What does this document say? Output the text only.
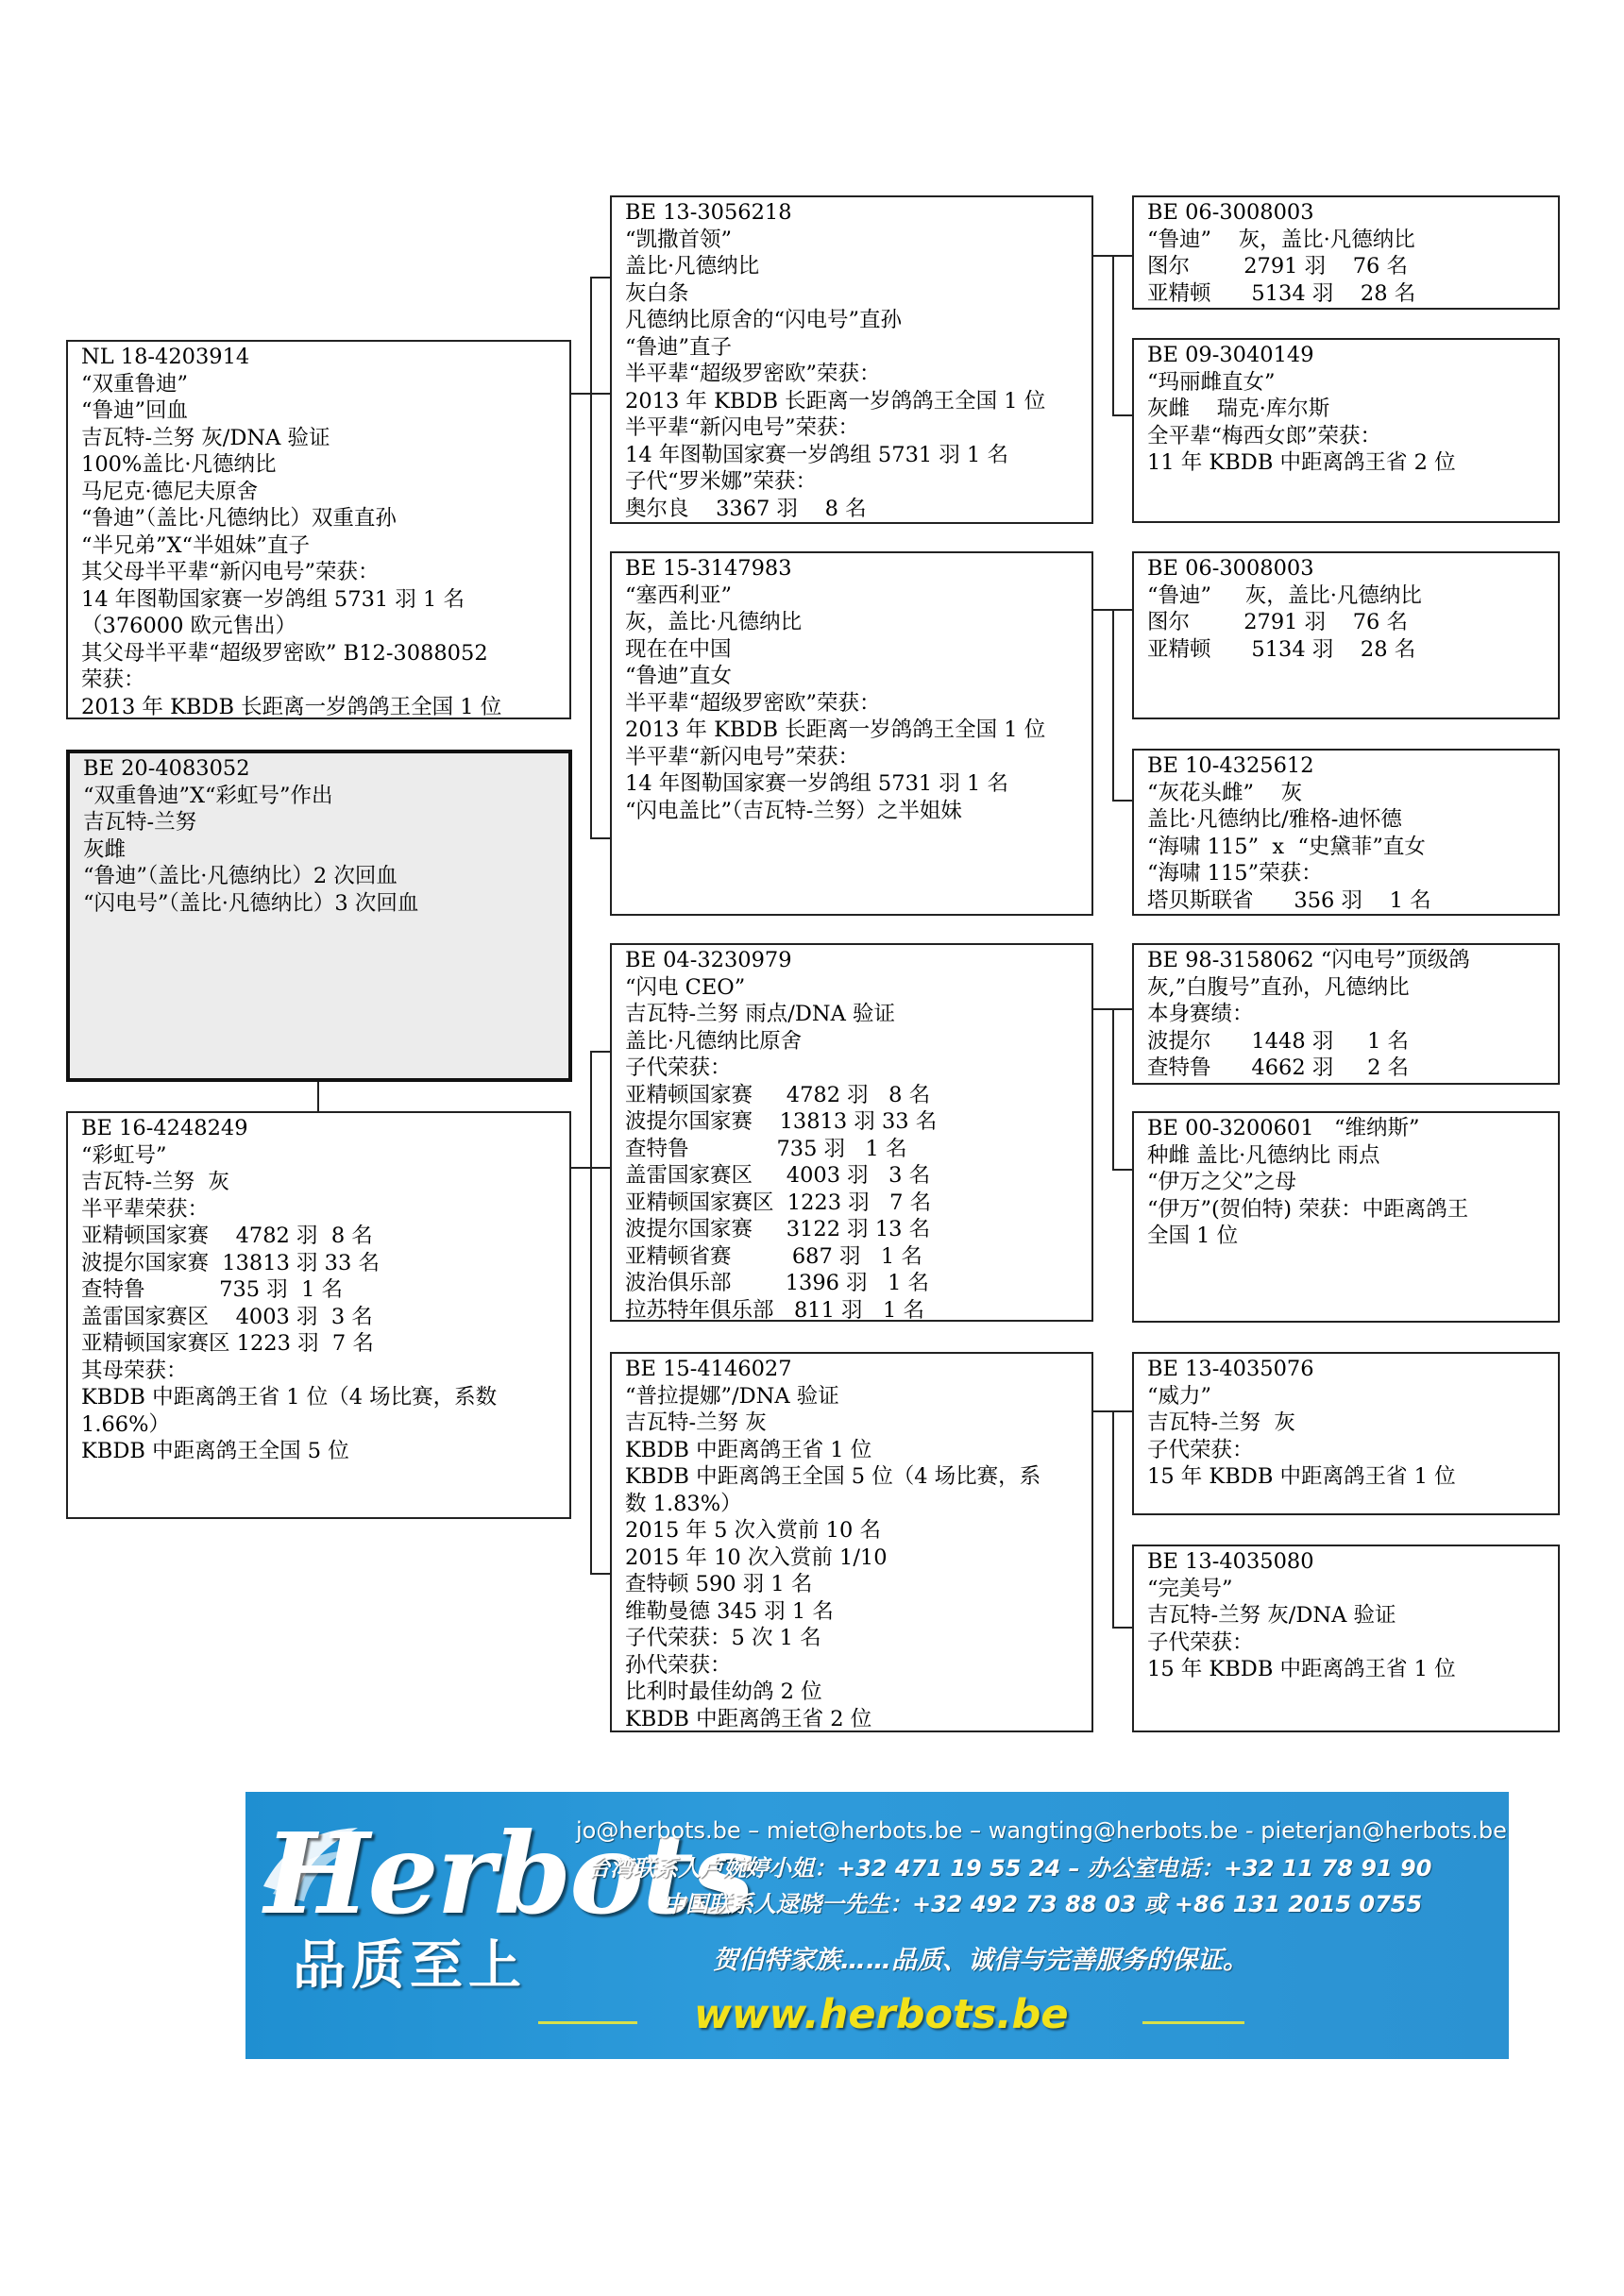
NL 18-4203914
“双重鲁迪”
“鲁迪”回血
吉瓦特-兰努 灰/DNA 验证
100%盖比·凡德纳比
马尼克·德尼夫原舍
“鲁迪”（盖比·凡德纳比）双重直孙
“半兄弟”X“半姐妹”直子
其父母半平辈“新闪电号”荣获：
14 年图勒国家赛一岁鸽组 5731 羽 1 名
（376000 欧元售出）
其父母半平辈“超级罗密欧” B12-3088052
荣获：
2013 年 KBDB 长距离一岁鸽鸽王全国 1 位
BE 20-4083052
“双重鲁迪”X“彩虹号”作出
吉瓦特-兰努
灰雌
“鲁迪”（盖比·凡德纳比）2 次回血
“闪电号”（盖比·凡德纳比）3 次回血
BE 16-4248249
“彩虹号”
吉瓦特-兰努  灰
半平辈荣获：
亚精顿国家赛    4782 羽  8 名
波提尔国家赛  13813 羽 33 名
查特鲁           735 羽  1 名
盖雷国家赛区    4003 羽  3 名
亚精顿国家赛区 1223 羽  7 名
其母荣获：
KBDB 中距离鸽王省 1 位（4 场比赛，系数
1.66%）
KBDB 中距离鸽王全国 5 位
BE 13-3056218
“凯撒首领”
盖比·凡德纳比
灰白条
凡德纳比原舍的“闪电号”直孙
“鲁迪”直子
半平辈“超级罗密欧”荣获：
2013 年 KBDB 长距离一岁鸽鸽王全国 1 位
半平辈“新闪电号”荣获：
14 年图勒国家赛一岁鸽组 5731 羽 1 名
子代“罗米娜”荣获：
奥尔良    3367 羽    8 名
BE 15-3147983
“塞西利亚”
灰，盖比·凡德纳比
现在在中国
“鲁迪”直女
半平辈“超级罗密欧”荣获：
2013 年 KBDB 长距离一岁鸽鸽王全国 1 位
半平辈“新闪电号”荣获：
14 年图勒国家赛一岁鸽组 5731 羽 1 名
“闪电盖比”（吉瓦特-兰努）之半姐妹
BE 04-3230979
“闪电 CEO”
吉瓦特-兰努 雨点/DNA 验证
盖比·凡德纳比原舍
子代荣获：
亚精顿国家赛     4782 羽   8 名
波提尔国家赛    13813 羽 33 名
查特鲁             735 羽   1 名
盖雷国家赛区     4003 羽   3 名
亚精顿国家赛区  1223 羽   7 名
波提尔国家赛     3122 羽 13 名
亚精顿省赛         687 羽   1 名
波治俱乐部        1396 羽   1 名
拉苏特年俱乐部   811 羽   1 名
BE 15-4146027
“普拉提娜”/DNA 验证
吉瓦特-兰努 灰
KBDB 中距离鸽王省 1 位
KBDB 中距离鸽王全国 5 位（4 场比赛，系
数 1.83%）
2015 年 5 次入赏前 10 名
2015 年 10 次入赏前 1/10
查特顿 590 羽 1 名
维勒曼德 345 羽 1 名
子代荣获：5 次 1 名
孙代荣获：
比利时最佳幼鸽 2 位
KBDB 中距离鸽王省 2 位
BE 06-3008003
“鲁迪”    灰，盖比·凡德纳比
图尔        2791 羽    76 名
亚精顿      5134 羽    28 名
BE 09-3040149
“玛丽雌直女”
灰雌    瑞克·库尔斯
全平辈“梅西女郎”荣获：
11 年 KBDB 中距离鸽王省 2 位
BE 06-3008003
“鲁迪”     灰，盖比·凡德纳比
图尔        2791 羽    76 名
亚精顿      5134 羽    28 名
BE 10-4325612
“灰花头雌”    灰
盖比·凡德纳比/雅格-迪怀德
“海啸 115”  x  “史黛菲”直女
“海啸 115”荣获：
塔贝斯联省      356 羽    1 名
BE 98-3158062 “闪电号”顶级鸽
灰,”白腹号”直孙，凡德纳比
本身赛绩：
波提尔      1448 羽     1 名
查特鲁      4662 羽     2 名
BE 00-3200601   “维纳斯”
种雌 盖比·凡德纳比 雨点
“伊万之父”之母
“伊万”(贺伯特) 荣获：中距离鸽王
全国 1 位
BE 13-4035076
“威力”
吉瓦特-兰努  灰
子代荣获：
15 年 KBDB 中距离鸽王省 1 位
BE 13-4035080
“完美号”
吉瓦特-兰努 灰/DNA 验证
子代荣获：
15 年 KBDB 中距离鸽王省 1 位
Herbots
品质至上
jo@herbots.be – miet@herbots.be – wangting@herbots.be - pieterjan@herbots.be
台湾联系人卢婉婷小姐：+32 471 19 55 24 – 办公室电话：+32 11 78 91 90
中国联系人逯晓一先生：+32 492 73 88 03 或 +86 131 2015 0755
贺伯特家族……品质、诚信与完善服务的保证。
www.herbots.be
